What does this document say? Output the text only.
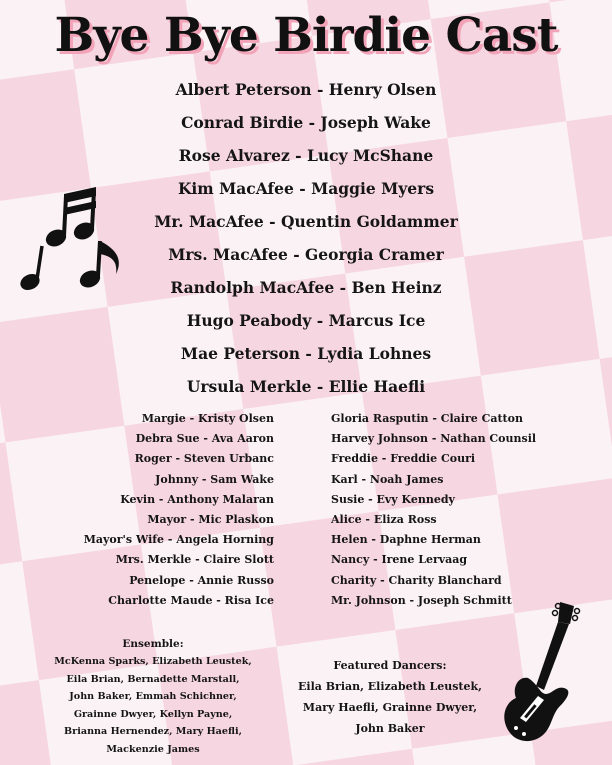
Bye Bye Birdie Cast
Albert Peterson - Henry Olsen
Conrad Birdie - Joseph Wake
Rose Alvarez - Lucy McShane
Kim MacAfee - Maggie Myers
Mr. MacAfee - Quentin Goldammer
Mrs. MacAfee - Georgia Cramer
Randolph MacAfee - Ben Heinz
Hugo Peabody - Marcus Ice
Mae Peterson - Lydia Lohnes
Ursula Merkle - Ellie Haefli
Margie - Kristy Olsen
Debra Sue - Ava Aaron
Roger - Steven Urbanc
Johnny - Sam Wake
Kevin - Anthony Malaran
Mayor - Mic Plaskon
Mayor's Wife - Angela Horning
Mrs. Merkle - Claire Slott
Penelope - Annie Russo
Charlotte Maude - Risa Ice
Gloria Rasputin - Claire Catton
Harvey Johnson - Nathan Counsil
Freddie - Freddie Couri
Karl - Noah James
Susie - Evy Kennedy
Alice - Eliza Ross
Helen - Daphne Herman
Nancy - Irene Lervaag
Charity - Charity Blanchard
Mr. Johnson - Joseph Schmitt
Ensemble:
McKenna Sparks, Elizabeth Leustek,
Eila Brian, Bernadette Marstall,
John Baker, Emmah Schichner,
Grainne Dwyer, Kellyn Payne,
Brianna Hernendez, Mary Haefli,
Mackenzie James
Featured Dancers:
Eila Brian, Elizabeth Leustek,
Mary Haefli, Grainne Dwyer,
John Baker
